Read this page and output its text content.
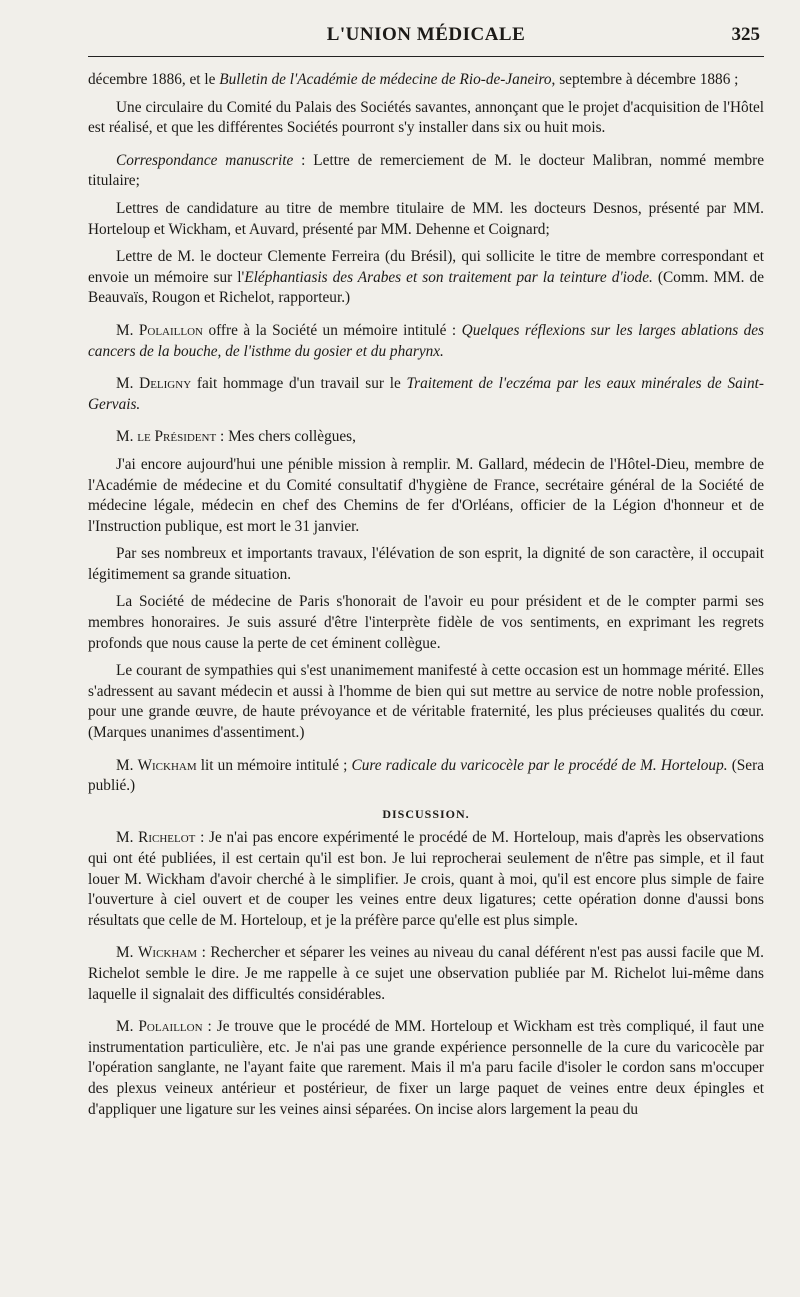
L'UNION MÉDICALE	325

décembre 1886, et le Bulletin de l'Académie de médecine de Rio-de-Janeiro, septembre à décembre 1886 ;

Une circulaire du Comité du Palais des Sociétés savantes, annonçant que le projet d'acquisition de l'Hôtel est réalisé, et que les différentes Sociétés pourront s'y installer dans six ou huit mois.

Correspondance manuscrite : Lettre de remerciement de M. le docteur Malibran, nommé membre titulaire;

Lettres de candidature au titre de membre titulaire de MM. les docteurs Desnos, présenté par MM. Horteloup et Wickham, et Auvard, présenté par MM. Dehenne et Coignard;

Lettre de M. le docteur Clemente Ferreira (du Brésil), qui sollicite le titre de membre correspondant et envoie un mémoire sur l'Eléphantiasis des Arabes et son traitement par la teinture d'iode. (Comm. MM. de Beauvaïs, Rougon et Richelot, rapporteur.)

M. Polaillon offre à la Société un mémoire intitulé : Quelques réflexions sur les larges ablations des cancers de la bouche, de l'isthme du gosier et du pharynx.

M. Deligny fait hommage d'un travail sur le Traitement de l'eczéma par les eaux minérales de Saint-Gervais.

M. le Président : Mes chers collègues,

J'ai encore aujourd'hui une pénible mission à remplir. M. Gallard, médecin de l'Hôtel-Dieu, membre de l'Académie de médecine et du Comité consultatif d'hygiène de France, secrétaire général de la Société de médecine légale, médecin en chef des Chemins de fer d'Orléans, officier de la Légion d'honneur et de l'Instruction publique, est mort le 31 janvier.

Par ses nombreux et importants travaux, l'élévation de son esprit, la dignité de son caractère, il occupait légitimement sa grande situation.

La Société de médecine de Paris s'honorait de l'avoir eu pour président et de le compter parmi ses membres honoraires. Je suis assuré d'être l'interprète fidèle de vos sentiments, en exprimant les regrets profonds que nous cause la perte de cet éminent collègue.

Le courant de sympathies qui s'est unanimement manifesté à cette occasion est un hommage mérité. Elles s'adressent au savant médecin et aussi à l'homme de bien qui sut mettre au service de notre noble profession, pour une grande œuvre, de haute prévoyance et de véritable fraternité, les plus précieuses qualités du cœur. (Marques unanimes d'assentiment.)

M. Wickham lit un mémoire intitulé ; Cure radicale du varicocèle par le procédé de M. Horteloup. (Sera publié.)

DISCUSSION.

M. Richelot : Je n'ai pas encore expérimenté le procédé de M. Horteloup, mais d'après les observations qui ont été publiées, il est certain qu'il est bon. Je lui reprocherai seulement de n'être pas simple, et il faut louer M. Wickham d'avoir cherché à le simplifier. Je crois, quant à moi, qu'il est encore plus simple de faire l'ouverture à ciel ouvert et de couper les veines entre deux ligatures; cette opération donne d'aussi bons résultats que celle de M. Horteloup, et je la préfère parce qu'elle est plus simple.

M. Wickham : Rechercher et séparer les veines au niveau du canal déférent n'est pas aussi facile que M. Richelot semble le dire. Je me rappelle à ce sujet une observation publiée par M. Richelot lui-même dans laquelle il signalait des difficultés considérables.

M. Polaillon : Je trouve que le procédé de MM. Horteloup et Wickham est très compliqué, il faut une instrumentation particulière, etc. Je n'ai pas une grande expérience personnelle de la cure du varicocèle par l'opération sanglante, ne l'ayant faite que rarement. Mais il m'a paru facile d'isoler le cordon sans m'occuper des plexus veineux antérieur et postérieur, de fixer un large paquet de veines entre deux épingles et d'appliquer une ligature sur les veines ainsi séparées. On incise alors largement la peau du
